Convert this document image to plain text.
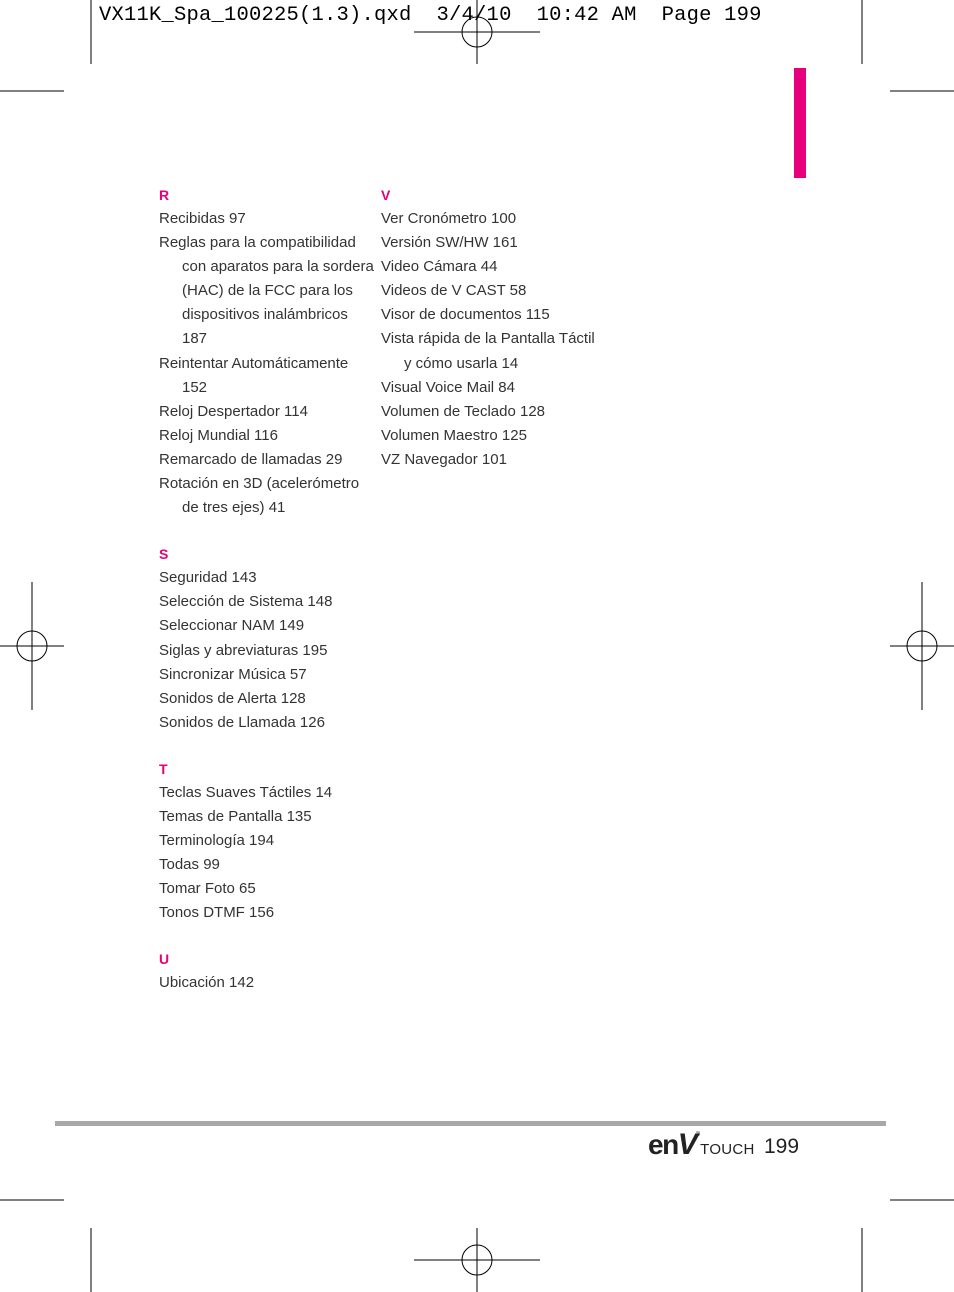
VX11K_Spa_100225(1.3).qxd  3/4/10  10:42 AM  Page 199
R
Recibidas 97
Reglas para la compatibilidad con aparatos para la sordera (HAC) de la FCC para los dispositivos inalámbricos 187
Reintentar Automáticamente 152
Reloj Despertador 114
Reloj Mundial 116
Remarcado de llamadas 29
Rotación en 3D (acelerómetro de tres ejes) 41
S
Seguridad 143
Selección de Sistema 148
Seleccionar NAM 149
Siglas y abreviaturas 195
Sincronizar Música 57
Sonidos de Alerta 128
Sonidos de Llamada 126
T
Teclas Suaves Táctiles 14
Temas de Pantalla 135
Terminología 194
Todas 99
Tomar Foto 65
Tonos DTMF 156
U
Ubicación 142
V
Ver Cronómetro 100
Versión SW/HW 161
Video Cámara 44
Videos de V CAST 58
Visor de documentos 115
Vista rápida de la Pantalla Táctil y cómo usarla 14
Visual Voice Mail 84
Volumen de Teclado 128
Volumen Maestro 125
VZ Navegador 101
enV®TOUCH 199
